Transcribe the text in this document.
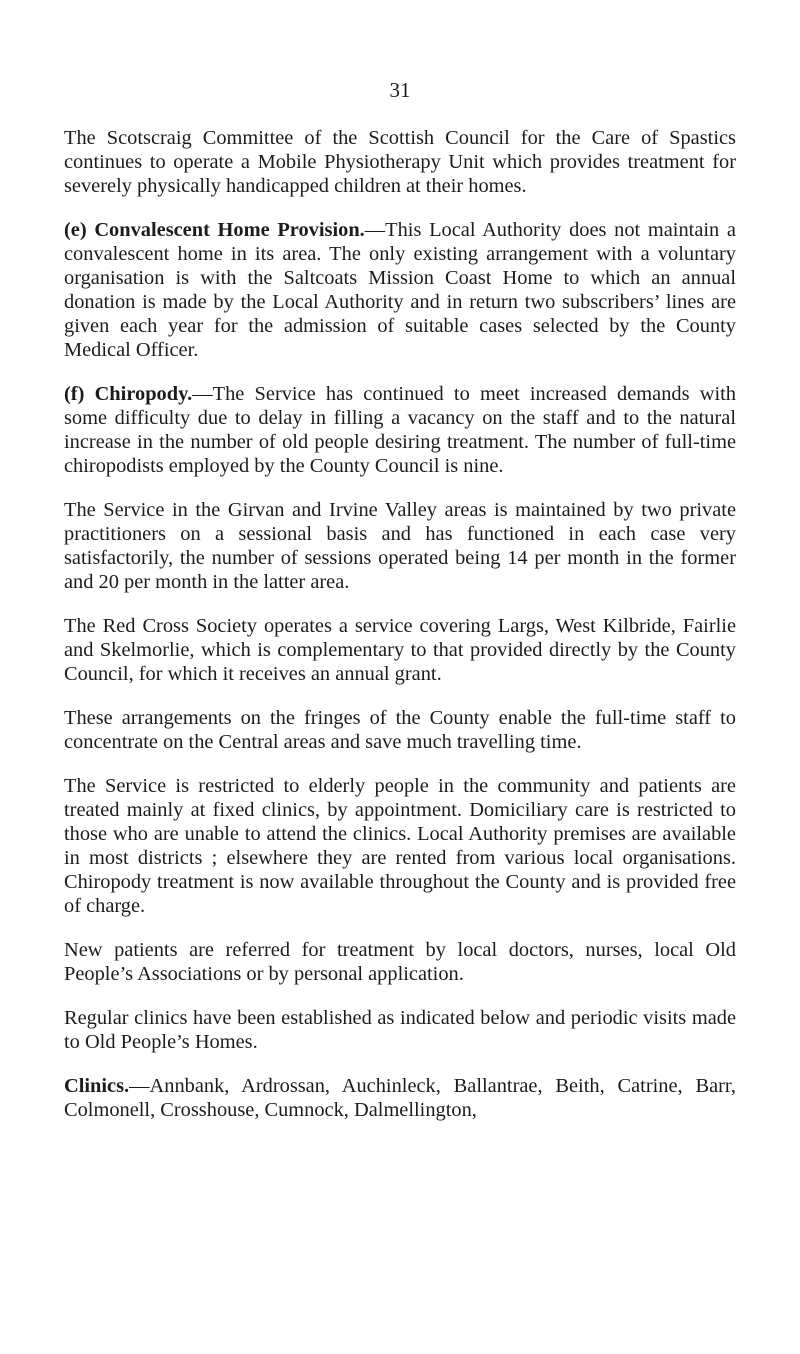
31

The Scotscraig Committee of the Scottish Council for the Care of Spastics continues to operate a Mobile Physiotherapy Unit which provides treatment for severely physically handicapped children at their homes.

(e) Convalescent Home Provision.—This Local Authority does not maintain a convalescent home in its area. The only existing arrangement with a voluntary organisation is with the Saltcoats Mission Coast Home to which an annual donation is made by the Local Authority and in return two subscribers’ lines are given each year for the admission of suitable cases selected by the County Medical Officer.

(f) Chiropody.—The Service has continued to meet increased demands with some difficulty due to delay in filling a vacancy on the staff and to the natural increase in the number of old people desiring treatment. The number of full-time chiropodists employed by the County Council is nine.

The Service in the Girvan and Irvine Valley areas is maintained by two private practitioners on a sessional basis and has functioned in each case very satisfactorily, the number of sessions operated being 14 per month in the former and 20 per month in the latter area.

The Red Cross Society operates a service covering Largs, West Kilbride, Fairlie and Skelmorlie, which is complementary to that provided directly by the County Council, for which it receives an annual grant.

These arrangements on the fringes of the County enable the full-time staff to concentrate on the Central areas and save much travelling time.

The Service is restricted to elderly people in the community and patients are treated mainly at fixed clinics, by appointment. Domiciliary care is restricted to those who are unable to attend the clinics. Local Authority premises are available in most districts ; elsewhere they are rented from various local organisations. Chiropody treatment is now available throughout the County and is provided free of charge.

New patients are referred for treatment by local doctors, nurses, local Old People’s Associations or by personal application.

Regular clinics have been established as indicated below and periodic visits made to Old People’s Homes.

Clinics.—Annbank, Ardrossan, Auchinleck, Ballantrae, Beith, Catrine, Barr, Colmonell, Crosshouse, Cumnock, Dalmellington,
